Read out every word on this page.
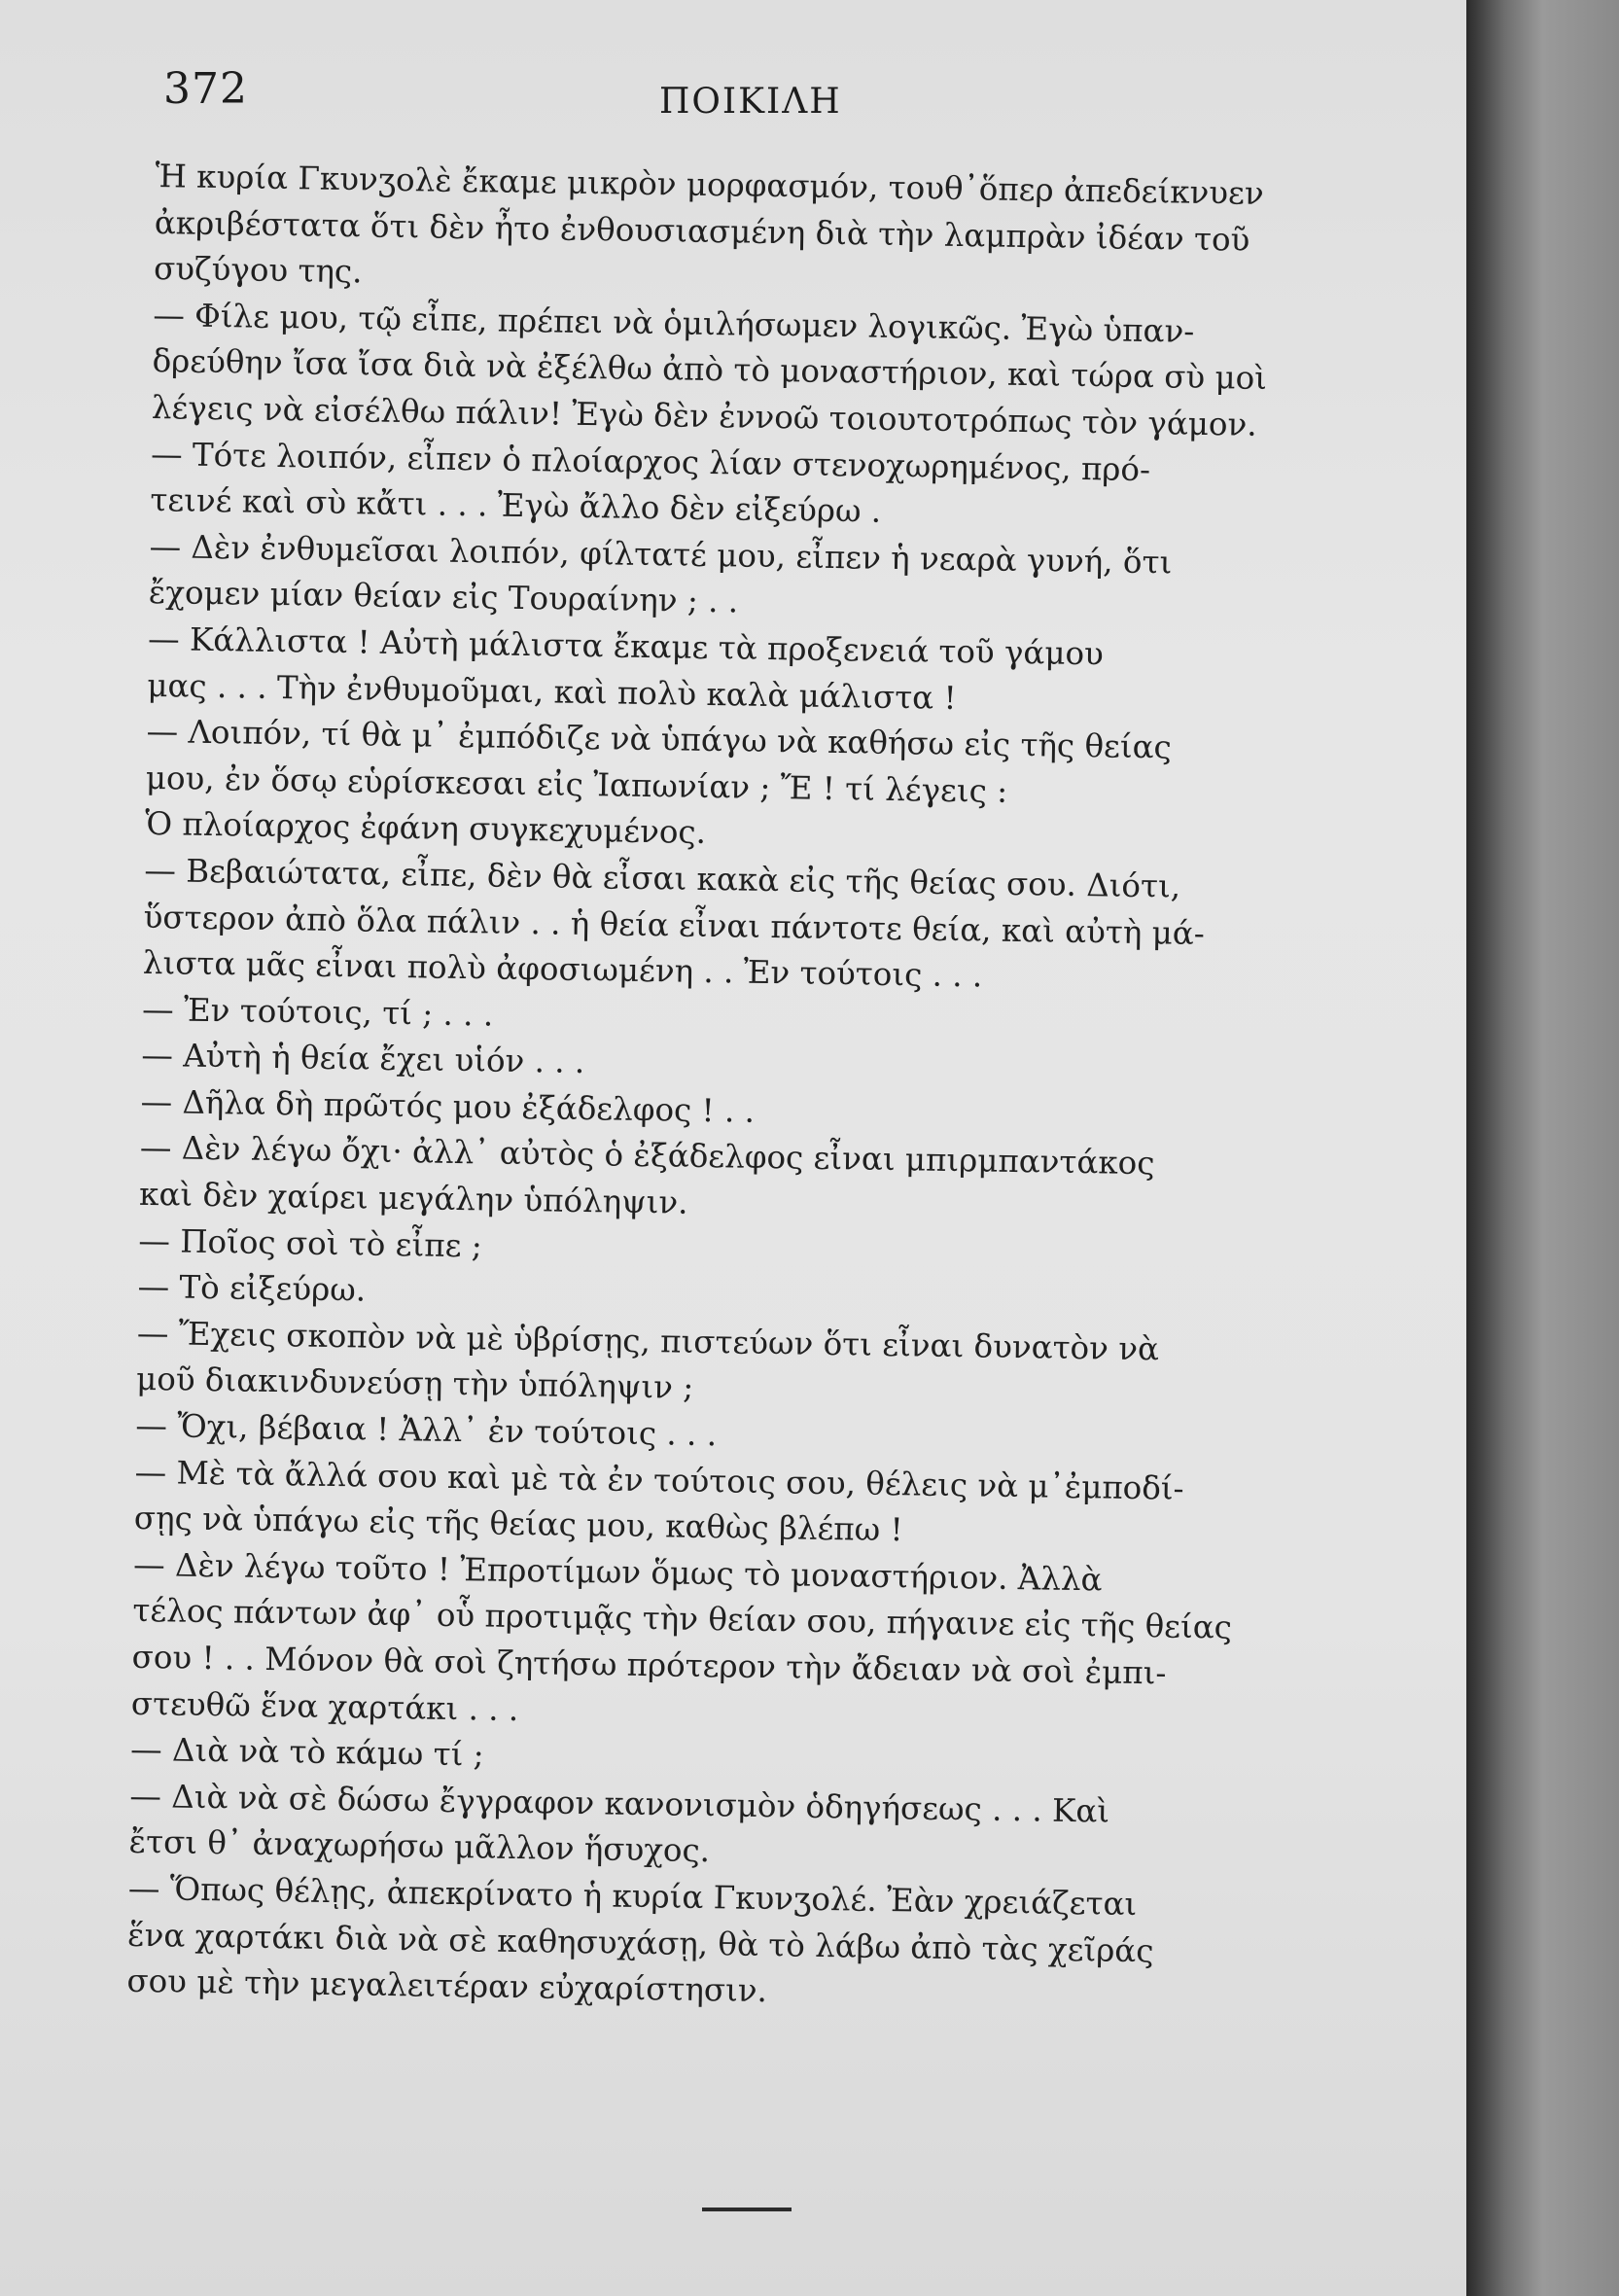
372	ΠΟΙΚΙΛΗ
Ἡ κυρία Γκυνʒολὲ ἔκαμε μικρὸν μορφασμόν, τουθ᾽ὅπερ ἀπεδείκνυεν
ἀκριβέστατα ὅτι δὲν ἦτο ἐνθουσιασμένη διὰ τὴν λαμπρὰν ἰδέαν τοῦ
συζύγου της.
— Φίλε μου, τῷ εἶπε, πρέπει νὰ ὁμιλήσωμεν λογικῶς. Ἐγὼ ὑπαν-
δρεύθην ἴσα ἴσα διὰ νὰ ἐξέλθω ἀπὸ τὸ μοναστήριον, καὶ τώρα σὺ μοὶ
λέγεις νὰ εἰσέλθω πάλιν! Ἐγὼ δὲν ἐννοῶ τοιουτοτρόπως τὸν γάμον.
— Τότε λοιπόν, εἶπεν ὁ πλοίαρχος λίαν στενοχωρημένος, πρό-
τεινέ καὶ σὺ κἄτι . . . Ἐγὼ ἄλλο δὲν εἰξεύρω .
— Δὲν ἐνθυμεῖσαι λοιπόν, φίλτατέ μου, εἶπεν ἡ νεαρὰ γυνή, ὅτι
ἔχομεν μίαν θείαν εἰς Τουραίνην ; . .
— Κάλλιστα ! Αὐτὴ μάλιστα ἔκαμε τὰ προξενειά τοῦ γάμου
μας . . . Τὴν ἐνθυμοῦμαι, καὶ πολὺ καλὰ μάλιστα !
— Λοιπόν, τί θὰ μ᾽ ἐμπόδιζε νὰ ὑπάγω νὰ καθήσω εἰς τῆς θείας
μου, ἐν ὅσῳ εὑρίσκεσαι εἰς Ἰαπωνίαν ; Ἔ ! τί λέγεις :
Ὁ πλοίαρχος ἐφάνη συγκεχυμένος.
— Βεβαιώτατα, εἶπε, δὲν θὰ εἶσαι κακὰ εἰς τῆς θείας σου. Διότι,
ὕστερον ἀπὸ ὅλα πάλιν . . ἡ θεία εἶναι πάντοτε θεία, καὶ αὐτὴ μά-
λιστα μᾶς εἶναι πολὺ ἀφοσιωμένη . . Ἐν τούτοις . . .
— Ἐν τούτοις, τί ; . . .
— Αὐτὴ ἡ θεία ἔχει υἱόν . . .
— Δῆλα δὴ πρῶτός μου ἐξάδελφος ! . .
— Δὲν λέγω ὄχι· ἀλλ᾽ αὐτὸς ὁ ἐξάδελφος εἶναι μπιρμπαντάκος
καὶ δὲν χαίρει μεγάλην ὑπόληψιν.
— Ποῖος σοὶ τὸ εἶπε ;
— Τὸ εἰξεύρω.
— Ἔχεις σκοπὸν νὰ μὲ ὑβρίσῃς, πιστεύων ὅτι εἶναι δυνατὸν νὰ
μοῦ διακινδυνεύσῃ τὴν ὑπόληψιν ;
— Ὄχι, βέβαια ! Ἀλλ᾽ ἐν τούτοις . . .
— Μὲ τὰ ἄλλά σου καὶ μὲ τὰ ἐν τούτοις σου, θέλεις νὰ μ᾽ἐμποδί-
σῃς νὰ ὑπάγω εἰς τῆς θείας μου, καθὼς βλέπω !
— Δὲν λέγω τοῦτο ! Ἐπροτίμων ὅμως τὸ μοναστήριον. Ἀλλὰ
τέλος πάντων ἀφ᾽ οὗ προτιμᾷς τὴν θείαν σου, πήγαινε εἰς τῆς θείας
σου ! . . Μόνον θὰ σοὶ ζητήσω πρότερον τὴν ἄδειαν νὰ σοὶ ἐμπι-
στευθῶ ἕνα χαρτάκι . . .
— Διὰ νὰ τὸ κάμω τί ;
— Διὰ νὰ σὲ δώσω ἔγγραφον κανονισμὸν ὁδηγήσεως . . . Καὶ
ἔτσι θ᾽ ἀναχωρήσω μᾶλλον ἥσυχος.
— Ὅπως θέλῃς, ἀπεκρίνατο ἡ κυρία Γκυνʒολέ. Ἐὰν χρειάζεται
ἕνα χαρτάκι διὰ νὰ σὲ καθησυχάσῃ, θὰ τὸ λάβω ἀπὸ τὰς χεῖράς
σου μὲ τὴν μεγαλειτέραν εὐχαρίστησιν.
